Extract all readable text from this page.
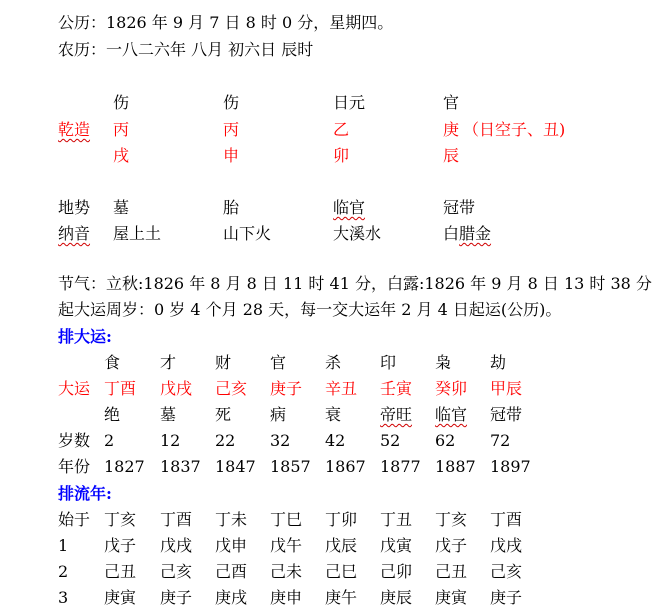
公历：1826 年 9 月 7 日 8 时 0 分，星期四。
农历：一八二六年 八月 初六日 辰时
伤	伤	日元	官
乾造 丙	丙	乙	庚 （日空子、丑)
戌	申	卯	辰
地势 墓	胎	临官	冠带
纳音 屋上土	山下火	大溪水	白腊金
节气：立秋:1826 年 8 月 8 日 11 时 41 分，白露:1826 年 9 月 8 日 13 时 38 分
起大运周岁：0 岁 4 个月 28 天，每一交大运年 2 月 4 日起运(公历)。
排大运:
食 才 财 官 杀 印 枭 劫
大运 丁酉 戊戌 己亥 庚子 辛丑 壬寅 癸卯 甲辰
绝 墓 死 病 衰 帝旺 临官 冠带
岁数 2	12 22 32 42 52 62 72
年份 1827 1837 1847 1857 1867 1877 1887 1897
排流年:
始于 丁亥 丁酉 丁未 丁巳 丁卯 丁丑 丁亥 丁酉
1 戊子 戊戌 戊申 戊午 戊辰 戊寅 戊子 戊戌
2 己丑 己亥 己酉 己未 己巳 己卯 己丑 己亥
3 庚寅 庚子 庚戌 庚申 庚午 庚辰 庚寅 庚子
